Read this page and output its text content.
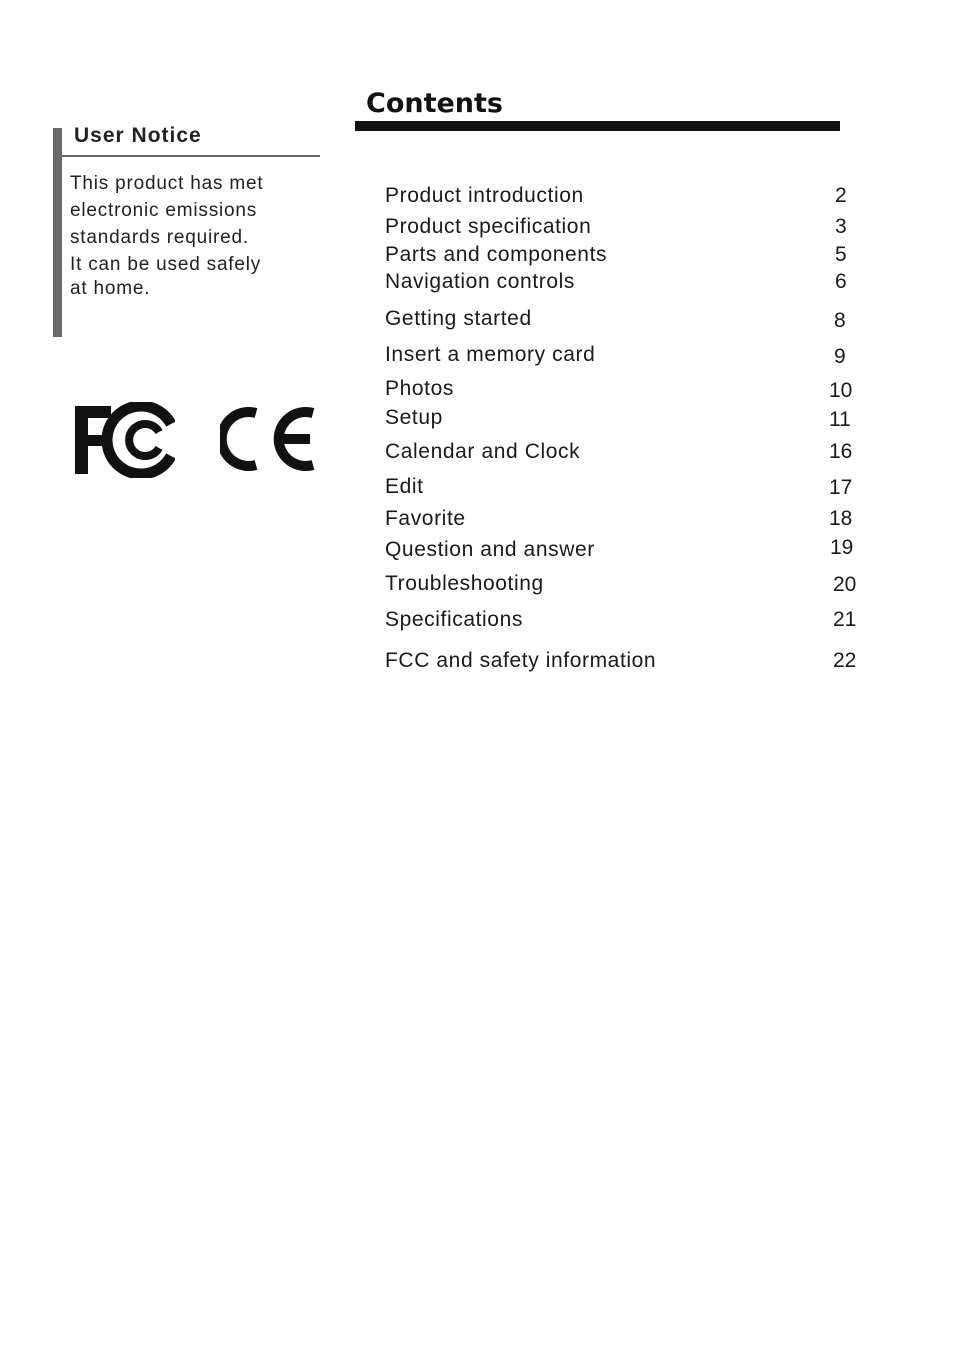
User Notice
This product has met
electronic emissions
standards required.
It can be used safely
at home.
Contents
Product introduction	2
Product specification	3
Parts and components	5
Navigation controls	6
Getting started	8
Insert a memory card	9
Photos	10
Setup	11
Calendar and Clock	16
Edit	17
Favorite	18
Question and answer	19
Troubleshooting	20
Specifications	21
FCC and safety information	22
